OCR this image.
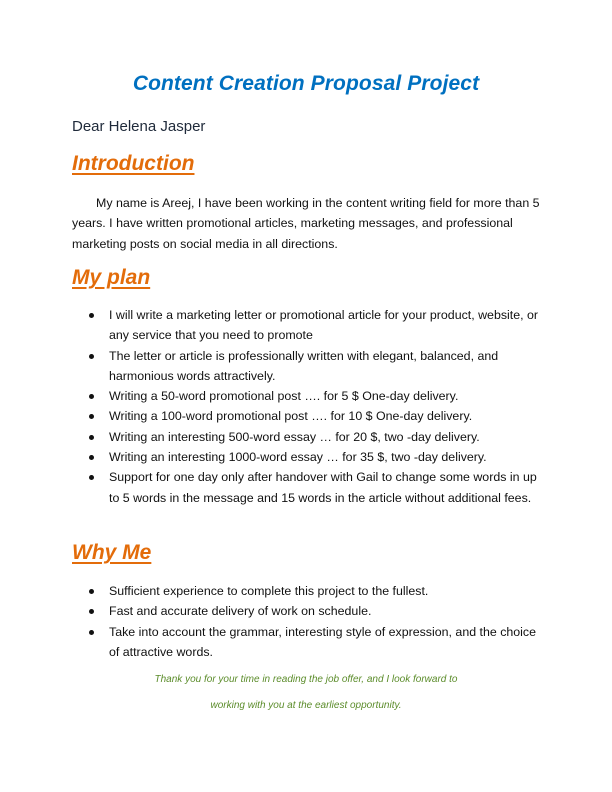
Content Creation Proposal Project
Dear Helena Jasper
Introduction
My name is Areej, I have been working in the content writing field for more than 5 years. I have written promotional articles, marketing messages, and professional marketing posts on social media in all directions.
My plan
I will write a marketing letter or promotional article for your product, website, or any service that you need to promote
The letter or article is professionally written with elegant, balanced, and harmonious words attractively.
Writing a 50-word promotional post …. for 5 $ One-day delivery.
Writing a 100-word promotional post …. for 10 $ One-day delivery.
Writing an interesting 500-word essay … for 20 $, two -day delivery.
Writing an interesting 1000-word essay … for 35 $, two -day delivery.
Support for one day only after handover with Gail to change some words in up to 5 words in the message and 15 words in the article without additional fees.
Why Me
Sufficient experience to complete this project to the fullest.
Fast and accurate delivery of work on schedule.
Take into account the grammar, interesting style of expression, and the choice of attractive words.
Thank you for your time in reading the job offer, and I look forward to
working with you at the earliest opportunity.
